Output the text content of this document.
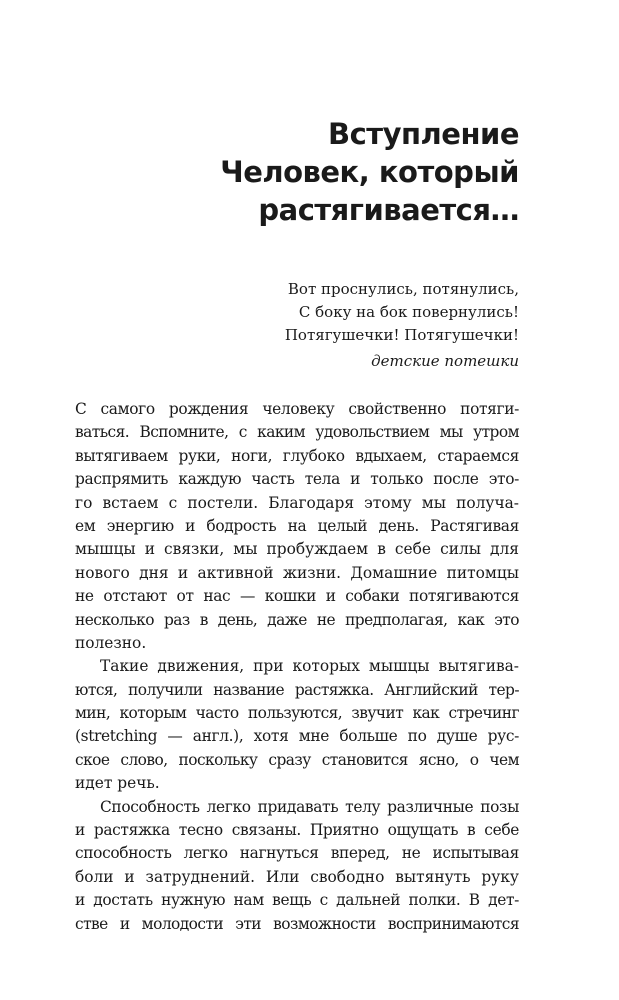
Вступление
Человек, который
растягивается…
Вот проснулись, потянулись,
С боку на бок повернулись!
Потягушечки! Потягушечки!
детские потешки
С самого рождения человеку свойственно потяги-
ваться. Вспомните, с каким удовольствием мы утром
вытягиваем руки, ноги, глубоко вдыхаем, стараемся
распрямить каждую часть тела и только после это-
го встаем с постели. Благодаря этому мы получа-
ем энергию и бодрость на целый день. Растягивая
мышцы и связки, мы пробуждаем в себе силы для
нового дня и активной жизни. Домашние питомцы
не отстают от нас — кошки и собаки потягиваются
несколько раз в день, даже не предполагая, как это
полезно.
Такие движения, при которых мышцы вытягива-
ются, получили название растяжка. Английский тер-
мин, которым часто пользуются, звучит как стречинг
(stretching — англ.), хотя мне больше по душе рус-
ское слово, поскольку сразу становится ясно, о чем
идет речь.
Способность легко придавать телу различные позы
и растяжка тесно связаны. Приятно ощущать в себе
способность легко нагнуться вперед, не испытывая
боли и затруднений. Или свободно вытянуть руку
и достать нужную нам вещь с дальней полки. В дет-
стве и молодости эти возможности воспринимаются
